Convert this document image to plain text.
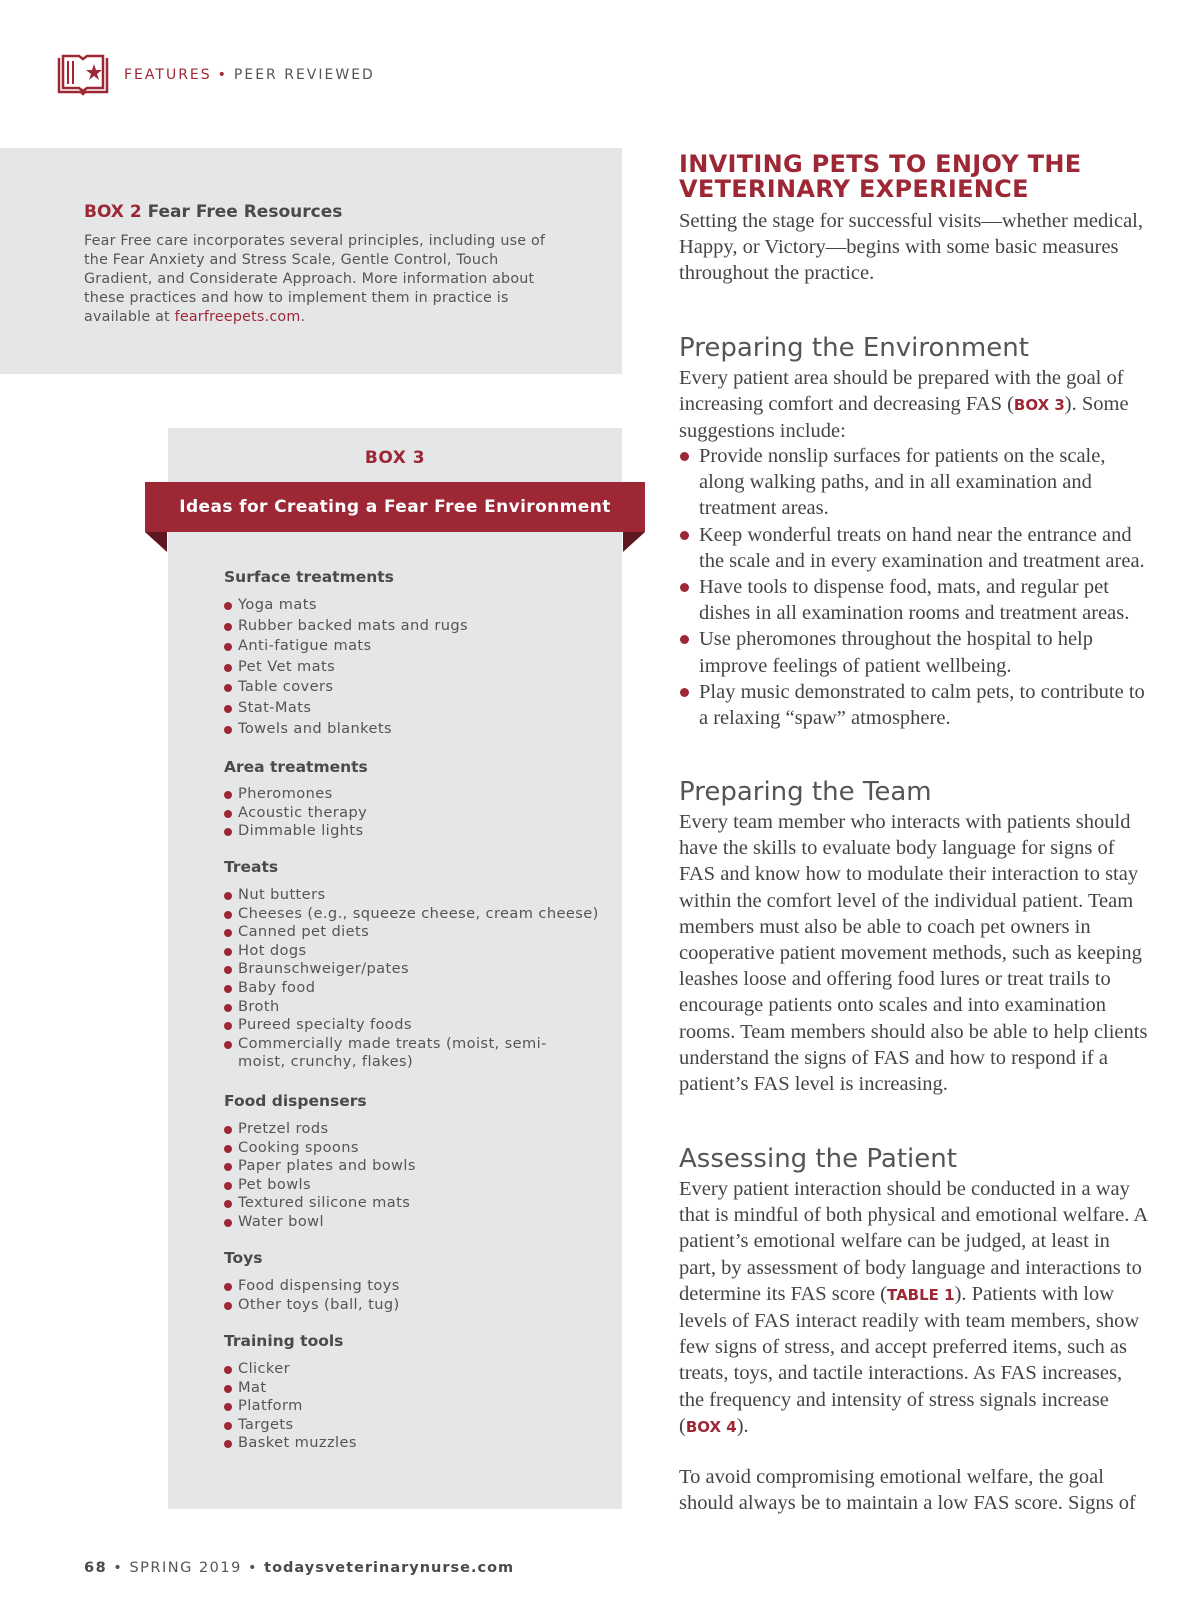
FEATURES • PEER REVIEWED
BOX 2 Fear Free Resources
Fear Free care incorporates several principles, including use of the Fear Anxiety and Stress Scale, Gentle Control, Touch Gradient, and Considerate Approach. More information about these practices and how to implement them in practice is available at fearfreepets.com.
BOX 3
Surface treatments
Yoga mats
Rubber backed mats and rugs
Anti-fatigue mats
Pet Vet mats
Table covers
Stat-Mats
Towels and blankets
Area treatments
Pheromones
Acoustic therapy
Dimmable lights
Treats
Nut butters
Cheeses (e.g., squeeze cheese, cream cheese)
Canned pet diets
Hot dogs
Braunschweiger/pates
Baby food
Broth
Pureed specialty foods
Commercially made treats (moist, semi-moist, crunchy, flakes)
Food dispensers
Pretzel rods
Cooking spoons
Paper plates and bowls
Pet bowls
Textured silicone mats
Water bowl
Toys
Food dispensing toys
Other toys (ball, tug)
Training tools
Clicker
Mat
Platform
Targets
Basket muzzles
Ideas for Creating a Fear Free Environment
INVITING PETS TO ENJOY THE VETERINARY EXPERIENCE
Setting the stage for successful visits—whether medical, Happy, or Victory—begins with some basic measures throughout the practice.
Preparing the Environment
Every patient area should be prepared with the goal of increasing comfort and decreasing FAS (BOX 3). Some suggestions include:
Provide nonslip surfaces for patients on the scale, along walking paths, and in all examination and treatment areas.
Keep wonderful treats on hand near the entrance and the scale and in every examination and treatment area.
Have tools to dispense food, mats, and regular pet dishes in all examination rooms and treatment areas.
Use pheromones throughout the hospital to help improve feelings of patient wellbeing.
Play music demonstrated to calm pets, to contribute to a relaxing “spaw” atmosphere.
Preparing the Team
Every team member who interacts with patients should have the skills to evaluate body language for signs of FAS and know how to modulate their interaction to stay within the comfort level of the individual patient. Team members must also be able to coach pet owners in cooperative patient movement methods, such as keeping leashes loose and offering food lures or treat trails to encourage patients onto scales and into examination rooms. Team members should also be able to help clients understand the signs of FAS and how to respond if a patient’s FAS level is increasing.
Assessing the Patient
Every patient interaction should be conducted in a way that is mindful of both physical and emotional welfare. A patient’s emotional welfare can be judged, at least in part, by assessment of body language and interactions to determine its FAS score (TABLE 1). Patients with low levels of FAS interact readily with team members, show few signs of stress, and accept preferred items, such as treats, toys, and tactile interactions. As FAS increases, the frequency and intensity of stress signals increase (BOX 4).
To avoid compromising emotional welfare, the goal should always be to maintain a low FAS score. Signs of
68 • SPRING 2019 • todaysveterinarynurse.com
